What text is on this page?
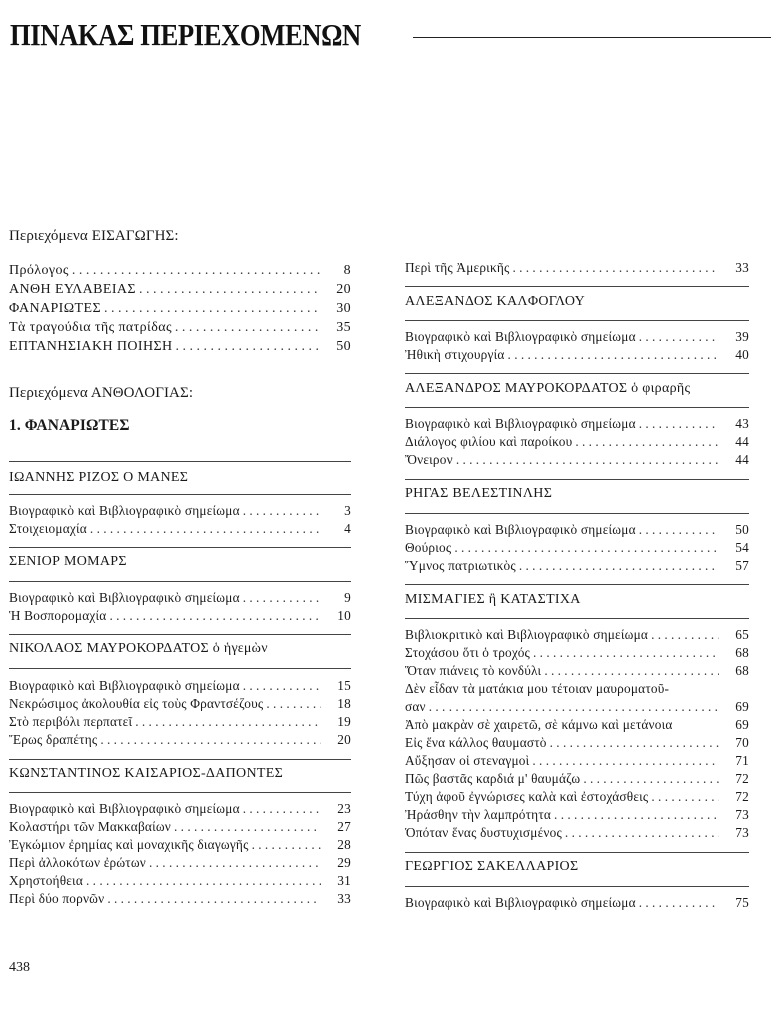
ΠΙΝΑΚΑΣ ΠΕΡΙΕΧΟΜΕΝΩΝ
Περιεχόμενα ΕΙΣΑΓΩΓΗΣ:
Πρόλογος . . .	8
ΑΝΘΗ ΕΥΛΑΒΕΙΑΣ . . .	20
ΦΑΝΑΡΙΩΤΕΣ . . .	30
Τὰ τραγούδια τῆς πατρίδας . . .	35
ΕΠΤΑΝΗΣΙΑΚΗ ΠΟΙΗΣΗ . . .	50
Περιεχόμενα ΑΝΘΟΛΟΓΙΑΣ:
1. ΦΑΝΑΡΙΩΤΕΣ
ΙΩΑΝΝΗΣ ΡΙΖΟΣ Ο ΜΑΝΕΣ
Βιογραφικὸ καὶ Βιβλιογραφικὸ σημείωμα . . .	3
Στοιχειομαχία . . .	4
ΣΕΝΙΟΡ ΜΟΜΑΡΣ
Βιογραφικὸ καὶ Βιβλιογραφικὸ σημείωμα . . .	9
Ἡ Βοσπορομαχία . . .	10
ΝΙΚΟΛΑΟΣ ΜΑΥΡΟΚΟΡΔΑΤΟΣ ὁ ἡγεμὼν
Βιογραφικὸ καὶ Βιβλιογραφικὸ σημείωμα . . .	15
Νεκρώσιμος ἀκολουθία εἰς τοὺς Φραντσέζους . . .	18
Στὸ περιβόλι περπατεῖ . . .	19
Ἔρως δραπέτης . . .	20
ΚΩΝΣΤΑΝΤΙΝΟΣ ΚΑΙΣΑΡΙΟΣ-ΔΑΠΟΝΤΕΣ
Βιογραφικὸ καὶ Βιβλιογραφικὸ σημείωμα . . .	23
Κολαστήρι τῶν Μακκαβαίων . . .	27
Ἐγκώμιον ἐρημίας καὶ μοναχικῆς διαγωγῆς . . .	28
Περὶ ἀλλοκότων ἐρώτων . . .	29
Χρηστοήθεια . . .	31
Περὶ δύο πορνῶν . . .	33
438
Περὶ τῆς Ἀμερικῆς . . .	33
ΑΛΕΞΑΝΔΟΣ ΚΑΛΦΟΓΛΟΥ
Βιογραφικὸ καὶ Βιβλιογραφικὸ σημείωμα . . .	39
Ἠθικὴ στιχουργία . . .	40
ΑΛΕΞΑΝΔΡΟΣ ΜΑΥΡΟΚΟΡΔΑΤΟΣ ὁ φιραρῆς
Βιογραφικὸ καὶ Βιβλιογραφικὸ σημείωμα . . .	43
Διάλογος φιλίου καὶ παροίκου . . .	44
Ὄνειρον . . .	44
ΡΗΓΑΣ ΒΕΛΕΣΤΙΝΛΗΣ
Βιογραφικὸ καὶ Βιβλιογραφικὸ σημείωμα . . .	50
Θούριος . . .	54
Ὕμνος πατριωτικὸς . . .	57
ΜΙΣΜΑΓΙΕΣ ἢ ΚΑΤΑΣΤΙΧΑ
Βιβλιοκριτικὸ καὶ Βιβλιογραφικὸ σημείωμα . . .	65
Στοχάσου ὅτι ὁ τροχός . . .	68
Ὅταν πιάνεις τὸ κονδύλι . . .	68
Δὲν εἶδαν τὰ ματάκια μου τέτοιαν μαυροματοῦ-
σαν . . .	69
Ἀπὸ μακρὰν σὲ χαιρετῶ, σὲ κάμνω καὶ μετάνοια	69
Εἰς ἕνα κάλλος θαυμαστὸ . . .	70
Αὔξησαν οἱ στεναγμοὶ . . .	71
Πῶς βαστᾶς καρδιά μ' θαυμάζω . . .	72
Τύχη ἀφοῦ ἐγνώρισες καλὰ καὶ ἐστοχάσθεις . . .	72
Ἠράσθην τὴν λαμπρότητα . . .	73
Ὁπόταν ἕνας δυστυχισμένος . . .	73
ΓΕΩΡΓΙΟΣ ΣΑΚΕΛΛΑΡΙΟΣ
Βιογραφικὸ καὶ Βιβλιογραφικὸ σημείωμα . . .	75
